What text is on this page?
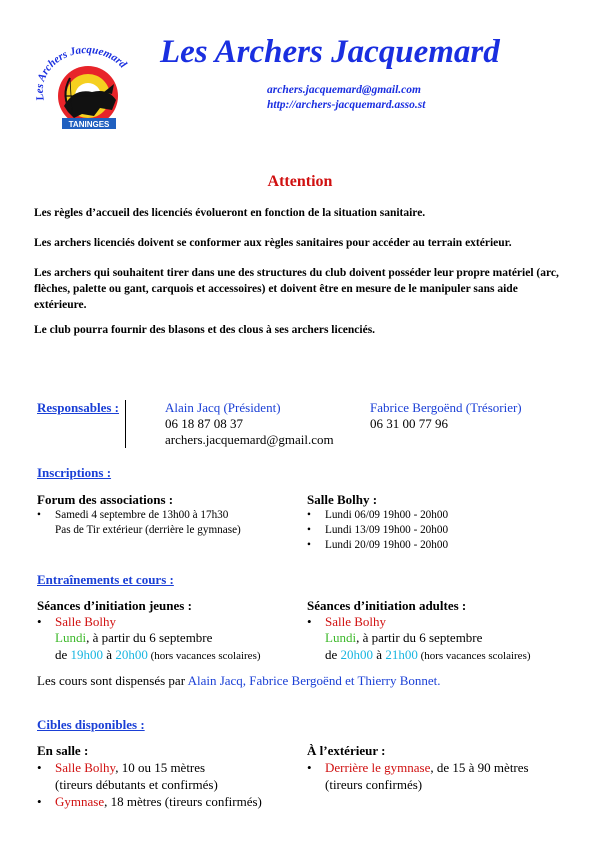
TANINGES
Les Archers Jacquemard Les Archers Jacquemard
archers.jacquemard@gmail.com
http://archers-jacquemard.asso.st
Attention
Les règles d’accueil des licenciés évolueront en fonction de la situation sanitaire.
Les archers licenciés doivent se conformer aux règles sanitaires pour accéder au terrain extérieur.
Les archers qui souhaitent tirer dans une des structures du club doivent posséder leur propre matériel (arc, flèches, palette ou gant, carquois et accessoires) et doivent être en mesure de le manipuler sans aide extérieure.
Le club pourra fournir des blasons et des clous à ses archers licenciés.
Responsables :	Alain Jacq (Président)
06 18 87 08 37
archers.jacquemard@gmail.com
Fabrice Bergoënd (Trésorier)
06 31 00 77 96
Inscriptions :
Forum des associations :
• Samedi 4 septembre de 13h00 à 17h30
Pas de Tir extérieur (derrière le gymnase)
Salle Bolhy :
• Lundi 06/09 19h00 - 20h00
• Lundi 13/09 19h00 - 20h00
• Lundi 20/09 19h00 - 20h00
Entraînements et cours :
Séances d’initiation jeunes :
• Salle Bolhy
Lundi, à partir du 6 septembre
de 19h00 à 20h00 (hors vacances scolaires)
Séances d’initiation adultes :
• Salle Bolhy
Lundi, à partir du 6 septembre
de 20h00 à 21h00 (hors vacances scolaires)
Les cours sont dispensés par Alain Jacq, Fabrice Bergoënd et Thierry Bonnet.
Cibles disponibles :
En salle :
• Salle Bolhy, 10 ou 15 mètres
(tireurs débutants et confirmés)
• Gymnase, 18 mètres (tireurs confirmés)
À l’extérieur :
• Derrière le gymnase, de 15 à 90 mètres
(tireurs confirmés)
